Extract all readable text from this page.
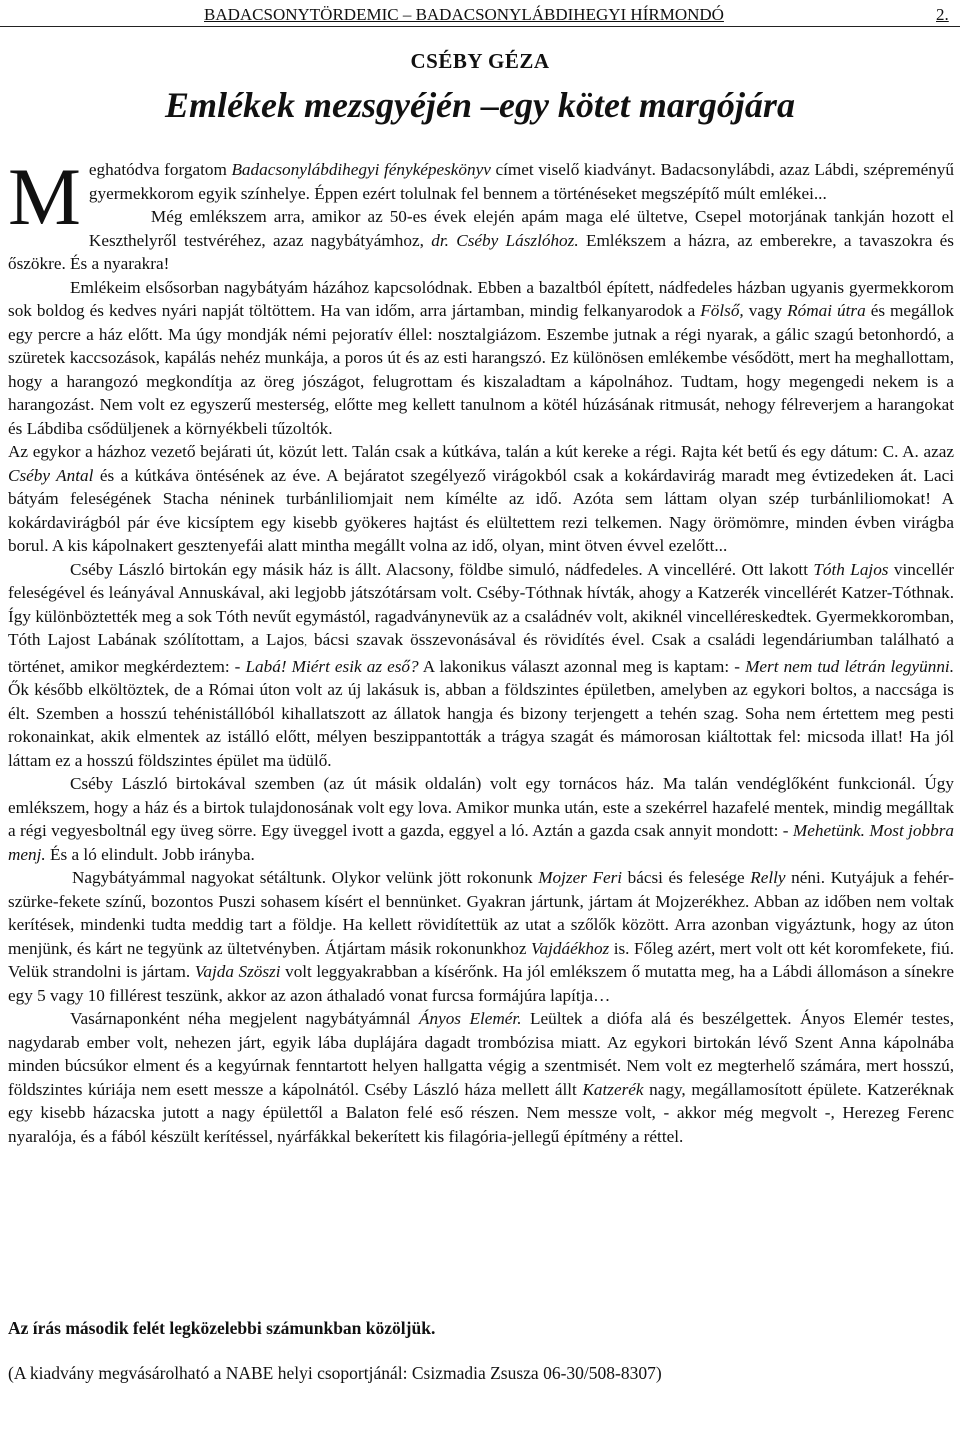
BADACSONYTÖRDEMIC – BADACSONYLÁBDIHEGYI HÍRMONDÓ	2.
CSÉBY GÉZA
Emlékek mezsgyéjén –egy kötet margójára

Meghatódva forgatom Badacsonylábdihegyi fényképeskönyv címet viselő kiadványt. Badacsonylábdi, azaz Lábdi, szépreményű gyermekkorom egyik színhelye. Éppen ezért tolulnak fel bennem a történéseket megszépítő múlt emlékei...

Még emlékszem arra, amikor az 50-es évek elején apám maga elé ültetve, Csepel motorjának tankján hozott el Keszthelyről testvéréhez, azaz nagybátyámhoz, dr. Cséby Lászlóhoz. Emlékszem a házra, az emberekre, a tavaszokra és őszökre. És a nyarakra!

Emlékeim elsősorban nagybátyám házához kapcsolódnak. Ebben a bazaltból épített, nádfedeles házban ugyanis gyermekkorom sok boldog és kedves nyári napját töltöttem. Ha van időm, arra jártamban, mindig felkanyarodok a Fölső, vagy Római útra és megállok egy percre a ház előtt. Ma úgy mondják némi pejoratív éllel: nosztalgiázom. Eszembe jutnak a régi nyarak, a gálic szagú betonhordó, a szüretek kaccsozások, kapálás nehéz munkája, a poros út és az esti harangszó. Ez különösen emlékembe vésődött, mert ha meghallottam, hogy a harangozó megkondítja az öreg jószágot, felugrottam és kiszaladtam a kápolnához. Tudtam, hogy megengedi nekem is a harangozást. Nem volt ez egyszerű mesterség, előtte meg kellett tanulnom a kötél húzásának ritmusát, nehogy félreverjem a harangokat és Lábdiba csődüljenek a környékbeli tűzoltók.

Az egykor a házhoz vezető bejárati út, közút lett. Talán csak a kútkáva, talán a kút kereke a régi. Rajta két betű és egy dátum: C. A. azaz Cséby Antal és a kútkáva öntésének az éve. A bejáratot szegélyező virágokból csak a kokárdavirág maradt meg évtizedeken át. Laci bátyám feleségének Stacha néninek turbánliliomjait nem kímélte az idő. Azóta sem láttam olyan szép turbánliliomokat! A kokárdavirágból pár éve kicsíptem egy kisebb gyökeres hajtást és elültettem rezi telkemen. Nagy örömömre, minden évben virágba borul. A kis kápolnakert gesztenyefái alatt mintha megállt volna az idő, olyan, mint ötven évvel ezelőtt...

Cséby László birtokán egy másik ház is állt. Alacsony, földbe simuló, nádfedeles. A vincelléré. Ott lakott Tóth Lajos vincellér feleségével és leányával Annuskával, aki legjobb játszótársam volt. Cséby-Tóthnak hívták, ahogy a Katzerék vincellérét Katzer-Tóthnak. Így különböztették meg a sok Tóth nevűt egymástól, ragadványnevük az a családnév volt, akiknél vincelléreskedtek. Gyermekkoromban, Tóth Lajost Labának szólítottam, a Lajos, bácsi szavak összevonásával és rövidítés ével. Csak a családi legendáriumban található a történet, amikor megkérdeztem: - Labá! Miért esik az eső? A lakonikus választ azonnal meg is kaptam: - Mert nem tud létrán legyünni. Ők később elköltöztek, de a Római úton volt az új lakásuk is, abban a földszintes épületben, amelyben az egykori boltos, a naccsága is élt. Szemben a hosszú tehénistállóból kihallatszott az állatok hangja és bizony terjengett a tehén szag. Soha nem értettem meg pesti rokonainkat, akik elmentek az istálló előtt, mélyen beszippantották a trágya szagát és mámorosan kiáltottak fel: micsoda illat! Ha jól láttam ez a hosszú földszintes épület ma üdülő.

Cséby László birtokával szemben (az út másik oldalán) volt egy tornácos ház. Ma talán vendéglőként funkcionál. Úgy emlékszem, hogy a ház és a birtok tulajdonosának volt egy lova. Amikor munka után, este a szekérrel hazafelé mentek, mindig megálltak a régi vegyesboltnál egy üveg sörre. Egy üveggel ivott a gazda, eggyel a ló. Aztán a gazda csak annyit mondott: - Mehetünk. Most jobbra menj. És a ló elindult. Jobb irányba.

Nagybátyámmal nagyokat sétáltunk. Olykor velünk jött rokonunk Mojzer Feri bácsi és felesége Relly néni. Kutyájuk a fehér-szürke-fekete színű, bozontos Puszi sohasem kísért el bennünket. Gyakran jártunk, jártam át Mojzerékhez. Abban az időben nem voltak kerítések, mindenki tudta meddig tart a földje. Ha kellett rövidítettük az utat a szőlők között. Arra azonban vigyáztunk, hogy az úton menjünk, és kárt ne tegyünk az ültetvényben. Átjártam másik rokonunkhoz Vajdáékhoz is. Főleg azért, mert volt ott két koromfekete, fiú. Velük strandolni is jártam. Vajda Szöszi volt leggyakrabban a kísérőnk. Ha jól emlékszem ő mutatta meg, ha a Lábdi állomáson a sínekre egy 5 vagy 10 fillérest teszünk, akkor az azon áthaladó vonat furcsa formájúra lapítja…

Vasárnaponként néha megjelent nagybátyámnál Ányos Elemér. Leültek a diófa alá és beszélgettek. Ányos Elemér testes, nagydarab ember volt, nehezen járt, egyik lába duplájára dagadt trombózisa miatt. Az egykori birtokán lévő Szent Anna kápolnába minden búcsúkor elment és a kegyúrnak fenntartott helyen hallgatta végig a szentmisét. Nem volt ez megterhelő számára, mert hosszú, földszintes kúriája nem esett messze a kápolnától. Cséby László háza mellett állt Katzerék nagy, megállamosított épülete. Katzeréknak egy kisebb házacska jutott a nagy épülettől a Balaton felé eső részen. Nem messze volt, - akkor még megvolt -, Herezeg Ferenc nyaralója, és a fából készült kerítéssel, nyárfákkal bekerített kis filagória-jellegű építmény a réttel.

Az írás második felét legközelebbi számunkban közöljük.
(A kiadvány megvásárolható a NABE helyi csoportjánál: Csizmadia Zsusza 06-30/508-8307)
